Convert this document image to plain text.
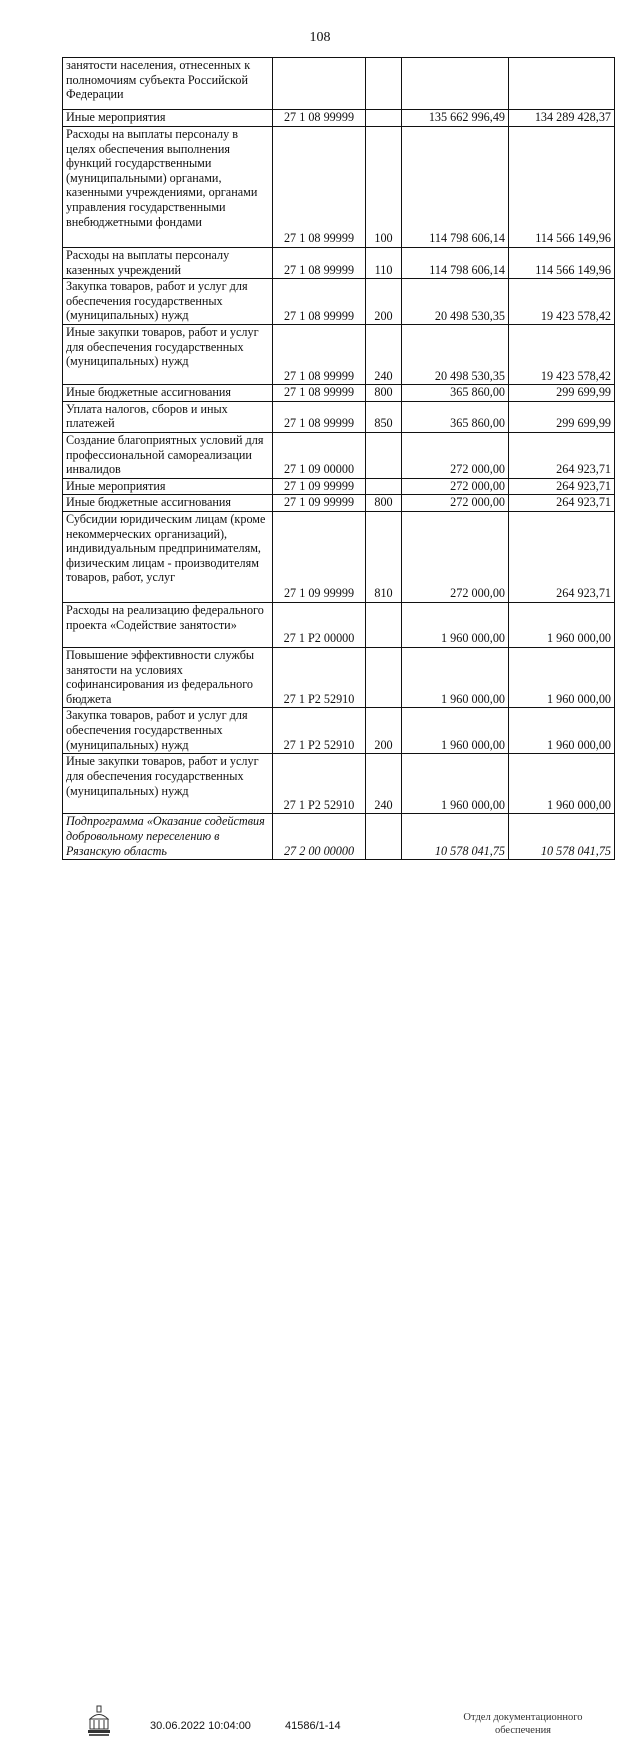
108
занятости населения, отнесенных к полномочиям субъекта Российской Федерации				
Иные мероприятия	27 1 08 99999		135 662 996,49	134 289 428,37
Расходы на выплаты персоналу в целях обеспечения выполнения функций государственными (муниципальными) органами, казенными учреждениями, органами управления государственными внебюджетными фондами	27 1 08 99999	100	114 798 606,14	114 566 149,96
Расходы на выплаты персоналу казенных учреждений	27 1 08 99999	110	114 798 606,14	114 566 149,96
Закупка товаров, работ и услуг для обеспечения государственных (муниципальных) нужд	27 1 08 99999	200	20 498 530,35	19 423 578,42
Иные закупки товаров, работ и услуг для обеспечения государственных (муниципальных) нужд	27 1 08 99999	240	20 498 530,35	19 423 578,42
Иные бюджетные ассигнования	27 1 08 99999	800	365 860,00	299 699,99
Уплата налогов, сборов и иных платежей	27 1 08 99999	850	365 860,00	299 699,99
Создание благоприятных условий для профессиональной самореализации инвалидов	27 1 09 00000		272 000,00	264 923,71
Иные мероприятия	27 1 09 99999		272 000,00	264 923,71
Иные бюджетные ассигнования	27 1 09 99999	800	272 000,00	264 923,71
Субсидии юридическим лицам (кроме некоммерческих организаций), индивидуальным предпринимателям, физическим лицам - производителям товаров, работ, услуг	27 1 09 99999	810	272 000,00	264 923,71
Расходы на реализацию федерального проекта «Содействие занятости»	27 1 P2 00000		1 960 000,00	1 960 000,00
Повышение эффективности службы занятости на условиях софинансирования из федерального бюджета	27 1 P2 52910		1 960 000,00	1 960 000,00
Закупка товаров, работ и услуг для обеспечения государственных (муниципальных) нужд	27 1 P2 52910	200	1 960 000,00	1 960 000,00
Иные закупки товаров, работ и услуг для обеспечения государственных (муниципальных) нужд	27 1 P2 52910	240	1 960 000,00	1 960 000,00
Подпрограмма «Оказание содействия добровольному переселению в Рязанскую область	27 2 00 00000		10 578 041,75	10 578 041,75
30.06.2022 10:04:00	41586/1-14
Отдел документационного
обеспечения
